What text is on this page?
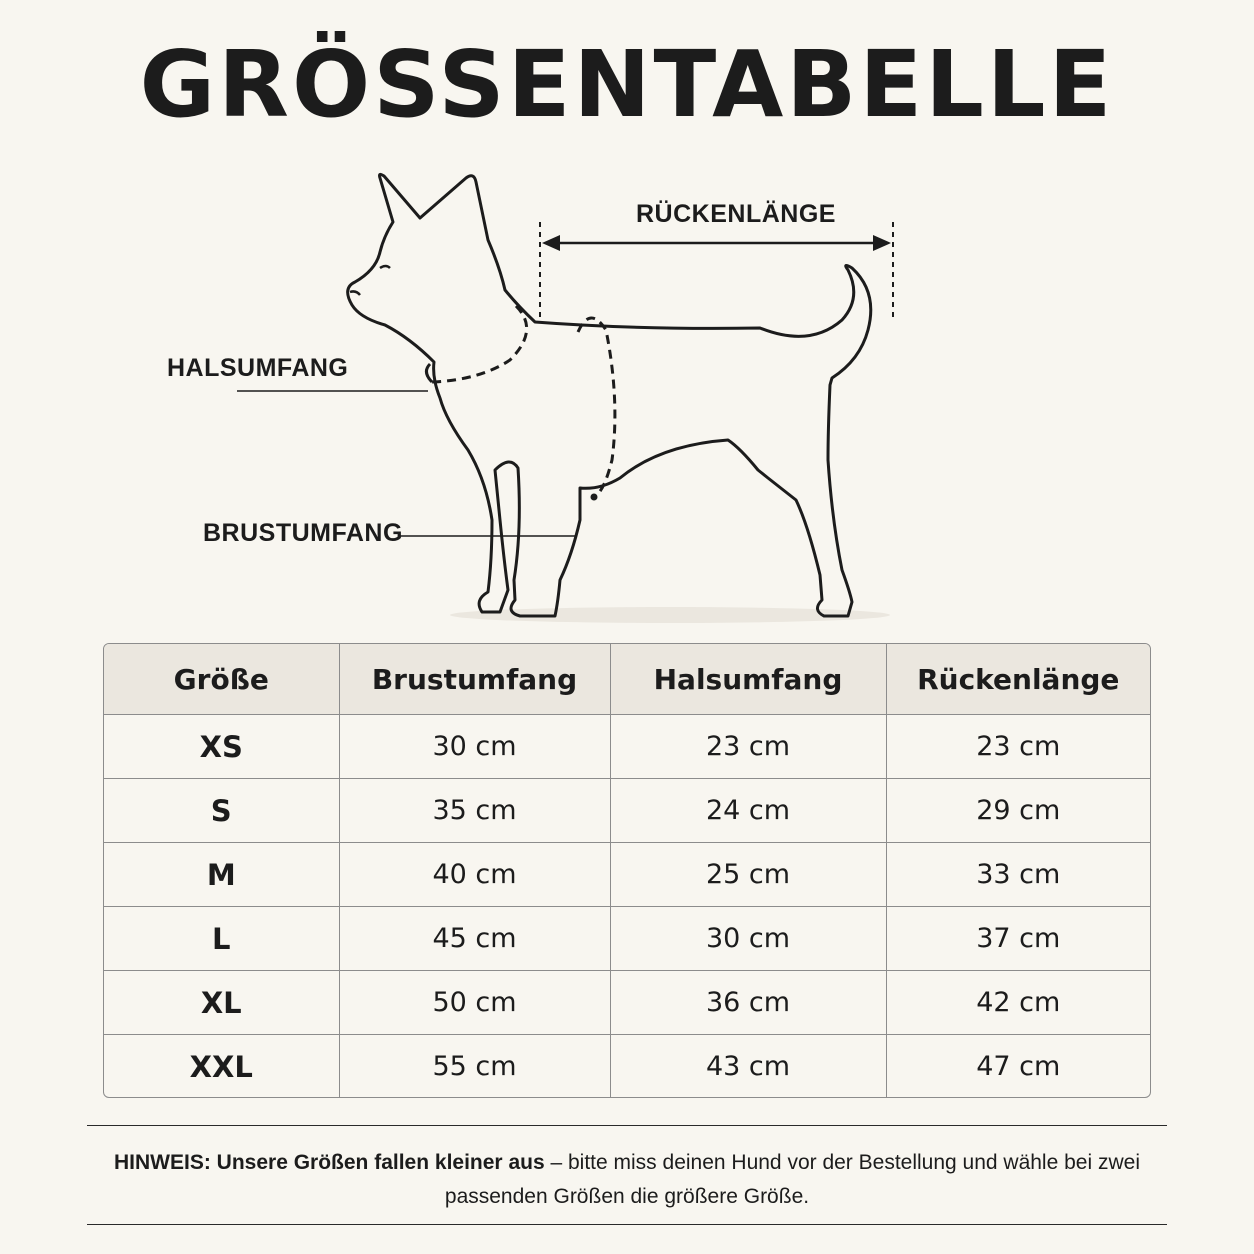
GRÖSSENTABELLE
RÜCKENLÄNGE
HALSUMFANG
BRUSTUMFANG
Größe	Brustumfang	Halsumfang	Rückenlänge
XS	30 cm	23 cm	23 cm
S	35 cm	24 cm	29 cm
M	40 cm	25 cm	33 cm
L	45 cm	30 cm	37 cm
XL	50 cm	36 cm	42 cm
XXL	55 cm	43 cm	47 cm
HINWEIS: Unsere Größen fallen kleiner aus – bitte miss deinen Hund vor der Bestellung und wähle bei zwei passenden Größen die größere Größe.
